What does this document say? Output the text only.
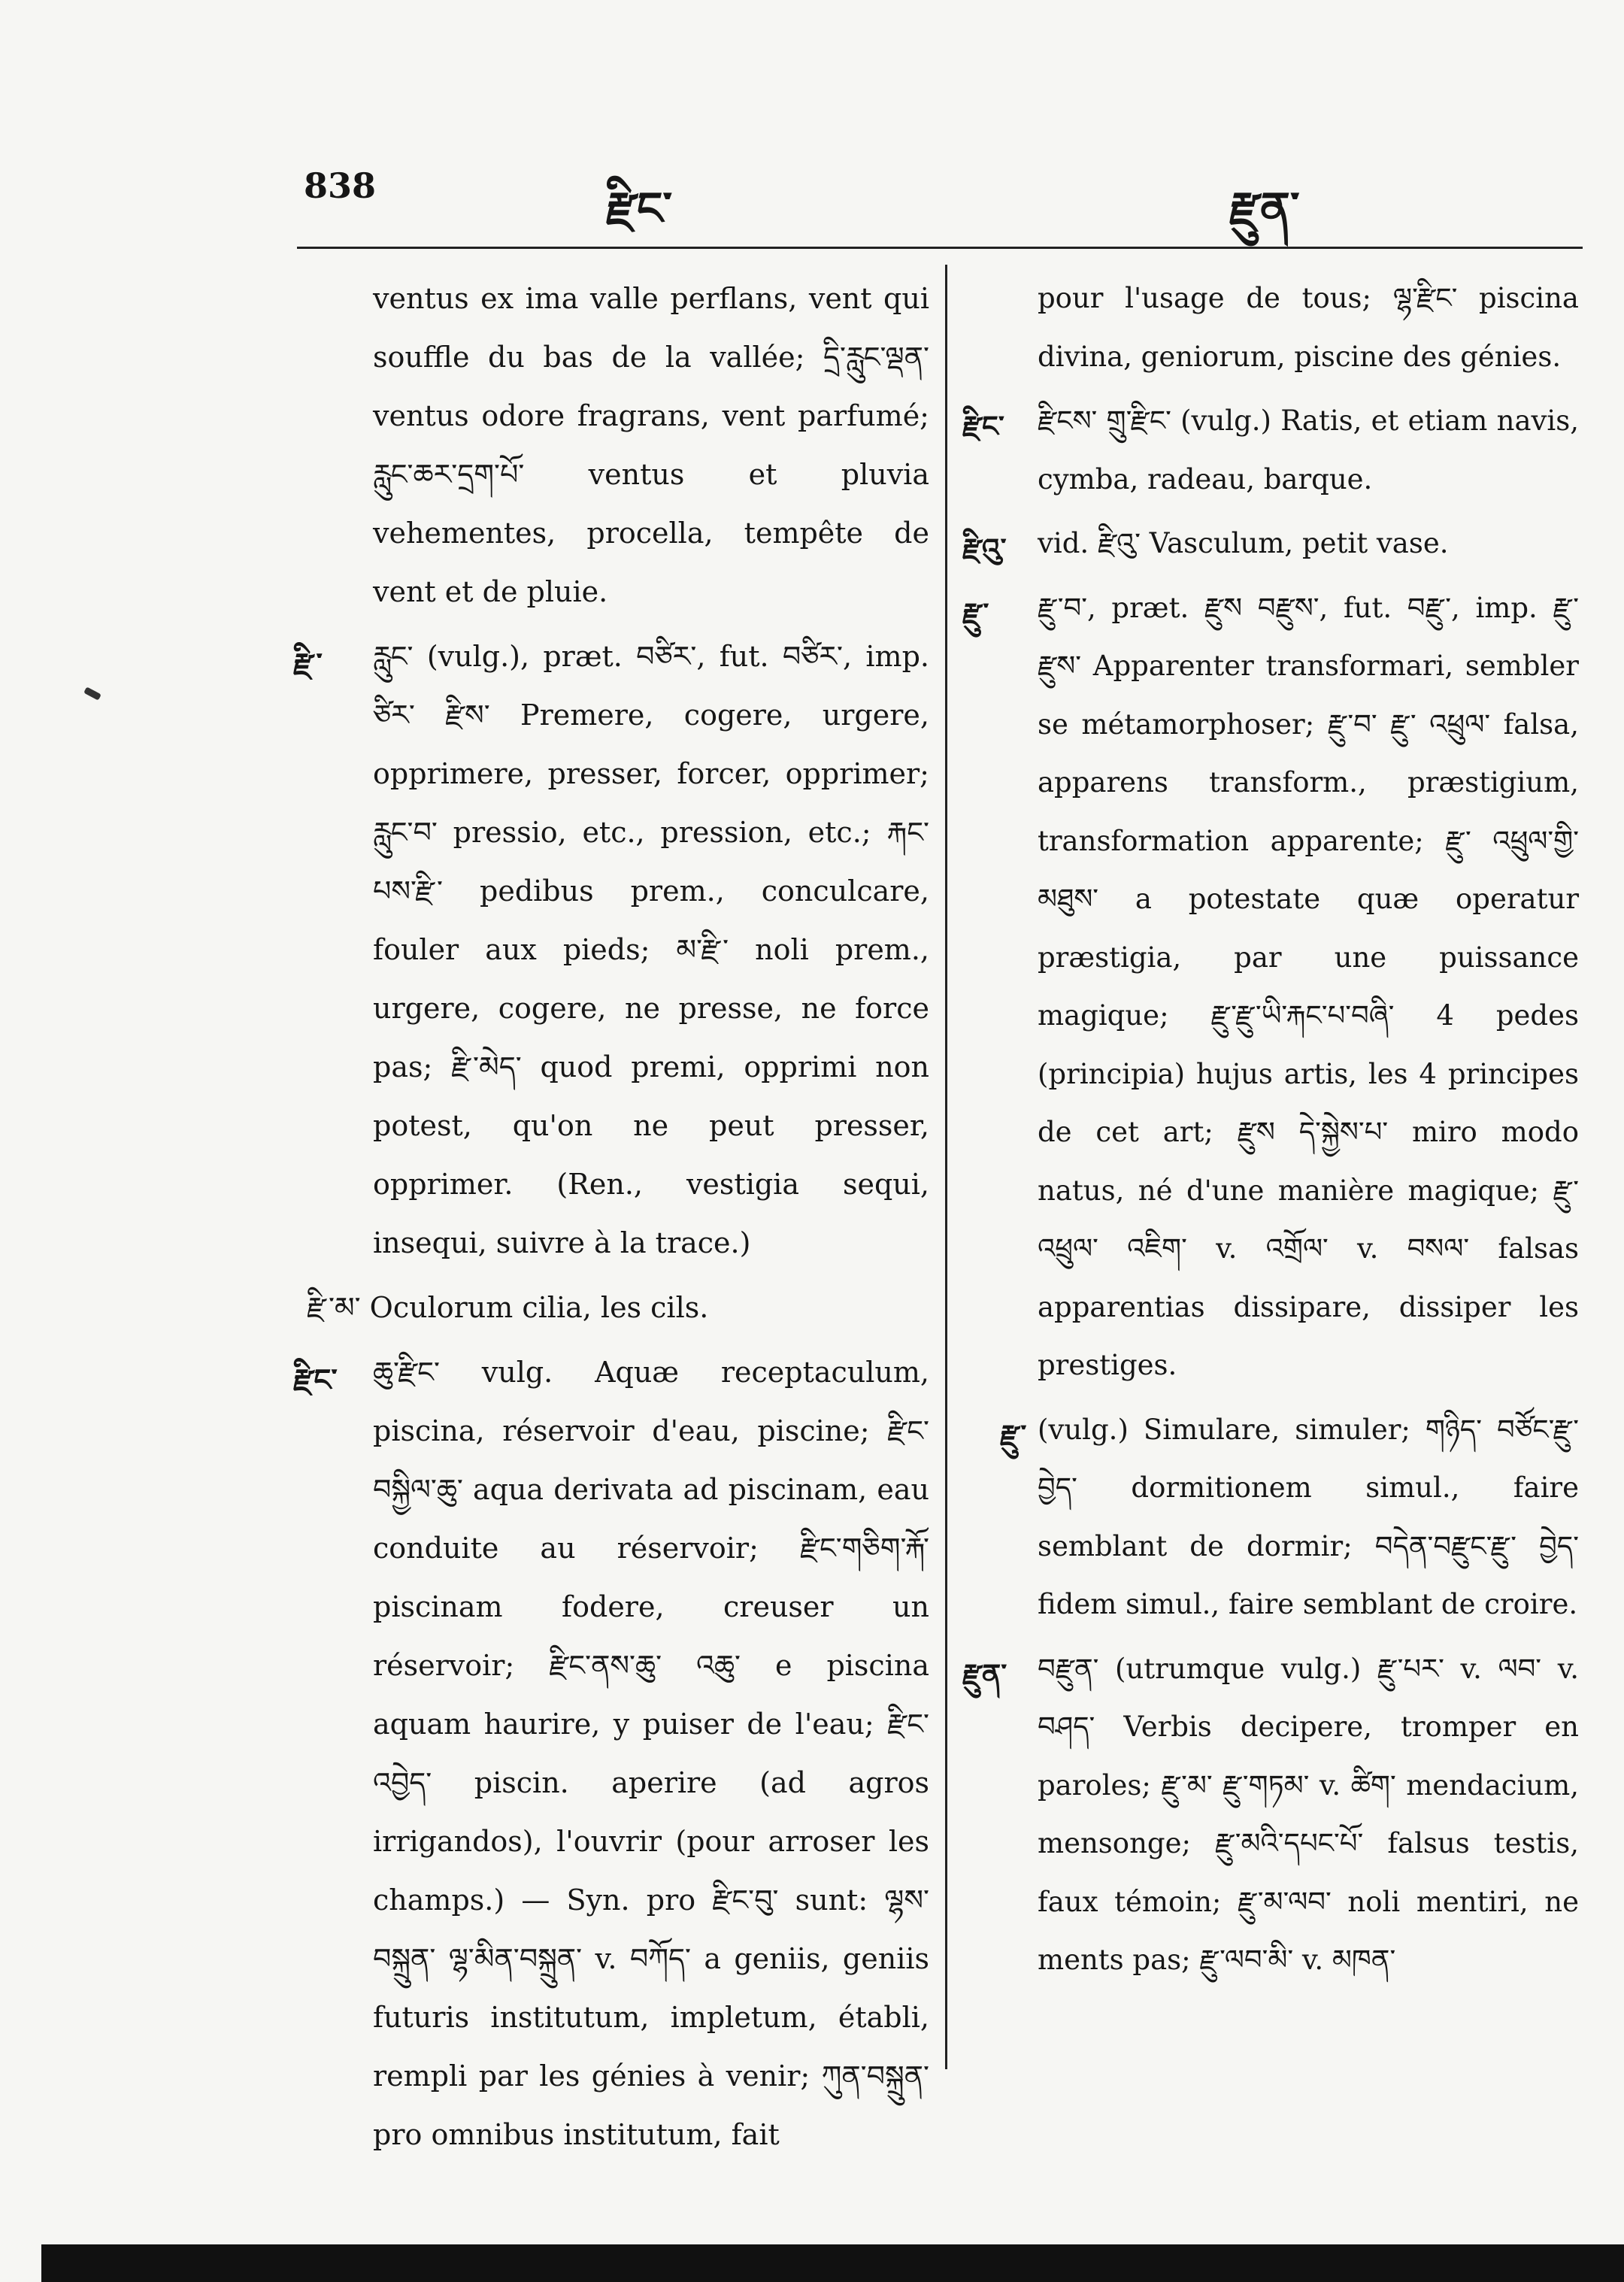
838	རྫིང་	རྫུན་
ventus ex ima valle perflans, vent qui souffle du bas de la vallée; དྲི་རླུང་ལྡན་ ventus odore fragrans, vent parfumé; རླུང་ཆར་དྲག་པོ་ ventus et pluvia vehementes, procella, tempête de vent et de pluie.
རྫི་ རླུང་ (vulg.), præt. བཙིར་, fut. བཙིར་, imp. ཙིར་ རྫིས་ Premere, cogere, urgere, opprimere, presser, forcer, opprimer; རླུང་བ་ pressio, etc., pression, etc.; རྐང་ པས་རྫི་ pedibus prem., conculcare, fouler aux pieds; མ་རྫི་ noli prem., urgere, cogere, ne presse, ne force pas; རྫི་མེད་ quod premi, opprimi non potest, qu'on ne peut presser, opprimer. (Ren., vestigia sequi, insequi, suivre à la trace.)
རྫི་མ་ Oculorum cilia, les cils.
རྫིང་ ཆུ་རྫིང་ vulg. Aquæ receptaculum, piscina, réservoir d'eau, piscine; རྫིང་བསྐྱིལ་ཆུ་ aqua derivata ad piscinam, eau conduite au réservoir; རྫིང་གཅིག་རྐོ་ piscinam fodere, creuser un réservoir; རྫིང་ནས་ཆུ་ འཆུ་ e piscina aquam haurire, y puiser de l'eau; རྫིང་འབྱེད་ piscin. aperire (ad agros irrigandos), l'ouvrir (pour arroser les champs.) — Syn. pro རྫིང་བུ་ sunt: ལྷས་ བསྐྲུན་ ལྷ་མིན་བསྐྲུན་ v. བཀོད་ a geniis, geniis futuris institutum, impletum, établi, rempli par les génies à venir; ཀུན་བསྐྲུན་ pro omnibus institutum, fait
pour l'usage de tous; ལྷ་རྫིང་ piscina divina, geniorum, piscine des génies.
རྫིང་ རྫིངས་ གྲུ་རྫིང་ (vulg.) Ratis, et etiam navis, cymba, radeau, barque.
རྫིའུ་ vid. རྫིའུ་ Vasculum, petit vase.
རྫུ་ རྫུ་བ་, præt. རྫུས བརྫུས་, fut. བརྫུ་, imp. རྫུ་ རྫུས་ Apparenter transformari, sembler se métamorphoser; རྫུ་བ་ རྫུ་ འཕྲུལ་ falsa, apparens transform., præstigium, transformation apparente; རྫུ་ འཕྲུལ་གྱི་མཐུས་ a potestate quæ operatur præstigia, par une puissance magique; རྫུ་རྫུ་ཡི་རྐང་པ་བཞི་ 4 pedes (principia) hujus artis, les 4 principes de cet art; རྫུས དེ་སྐྱེས་པ་ miro modo natus, né d'une manière magique; རྫུ་འཕྲུལ་ འཇིག་ v. འགྲོལ་ v. བསལ་ falsas apparentias dissipare, dissiper les prestiges.
རྫུ་ (vulg.) Simulare, simuler; གཉིད་ བཙོང་རྫུ་བྱེད་ dormitionem simul., faire semblant de dormir; བདེན་བརྫུང་རྫུ་ བྱེད་ fidem simul., faire semblant de croire.
རྫུན་ བརྫུན་ (utrumque vulg.) རྫུ་པར་ v. ལབ་ v. བཤད་ Verbis decipere, tromper en paroles; རྫུ་མ་ རྫུ་གཏམ་ v. ཚིག་ mendacium, mensonge; རྫུ་མའི་དཔང་པོ་ falsus testis, faux témoin; རྫུ་མ་ལབ་ noli mentiri, ne ments pas; རྫུ་ལབ་མི་ v. མཁན་
